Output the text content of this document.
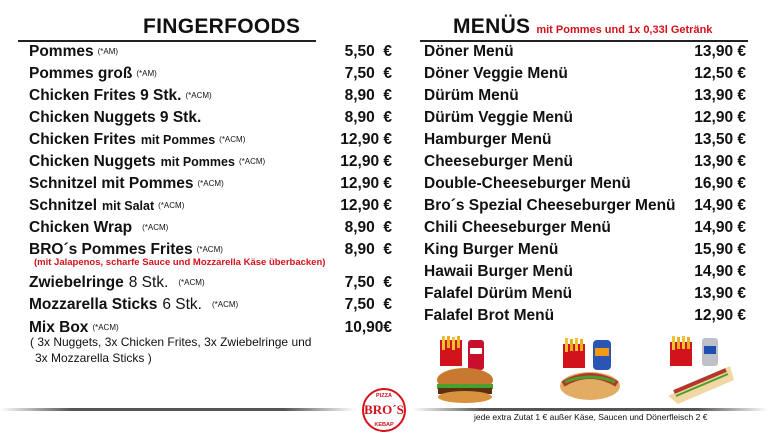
FINGERFOODS
Pommes (*AM)	5,50  €
Pommes groß (*AM)	7,50  €
Chicken Frites 9 Stk. (*ACM)	8,90  €
Chicken Nuggets 9 Stk.	8,90  €
Chicken Frites mit Pommes (*ACM)	12,90 €
Chicken Nuggets mit Pommes (*ACM)	12,90 €
Schnitzel mit Pommes (*ACM)	12,90 €
Schnitzel mit Salat (*ACM)	12,90 €
Chicken Wrap (*ACM)	8,90  €
BRO´s Pommes Frites (*ACM)	8,90  €
Zwiebelringe 8 Stk. (*ACM)	7,50  €
Mozzarella Sticks 6 Stk. (*ACM)	7,50  €
Mix Box (*ACM)	10,90€
(mit Jalapenos, scharfe Sauce und Mozzarella Käse überbacken)
( 3x Nuggets, 3x Chicken Frites, 3x Zwiebelringe und
3x Mozzarella Sticks )
MENÜS mit Pommes und 1x 0,33l Getränk
Döner Menü	13,90 €
Döner Veggie Menü	12,50 €
Dürüm Menü	13,90 €
Dürüm Veggie Menü	12,90 €
Hamburger Menü	13,50 €
Cheeseburger Menü	13,90 €
Double-Cheeseburger Menü	16,90 €
Bro´s Spezial Cheeseburger Menü	14,90 €
Chili Cheeseburger Menü	14,90 €
King Burger Menü	15,90 €
Hawaii Burger Menü	14,90 €
Falafel Dürüm Menü	13,90 €
Falafel Brot Menü	12,90 €
PIZZA
BRO´S
KEBAP
jede extra Zutat 1 € außer Käse, Saucen und Dönerfleisch 2 €
